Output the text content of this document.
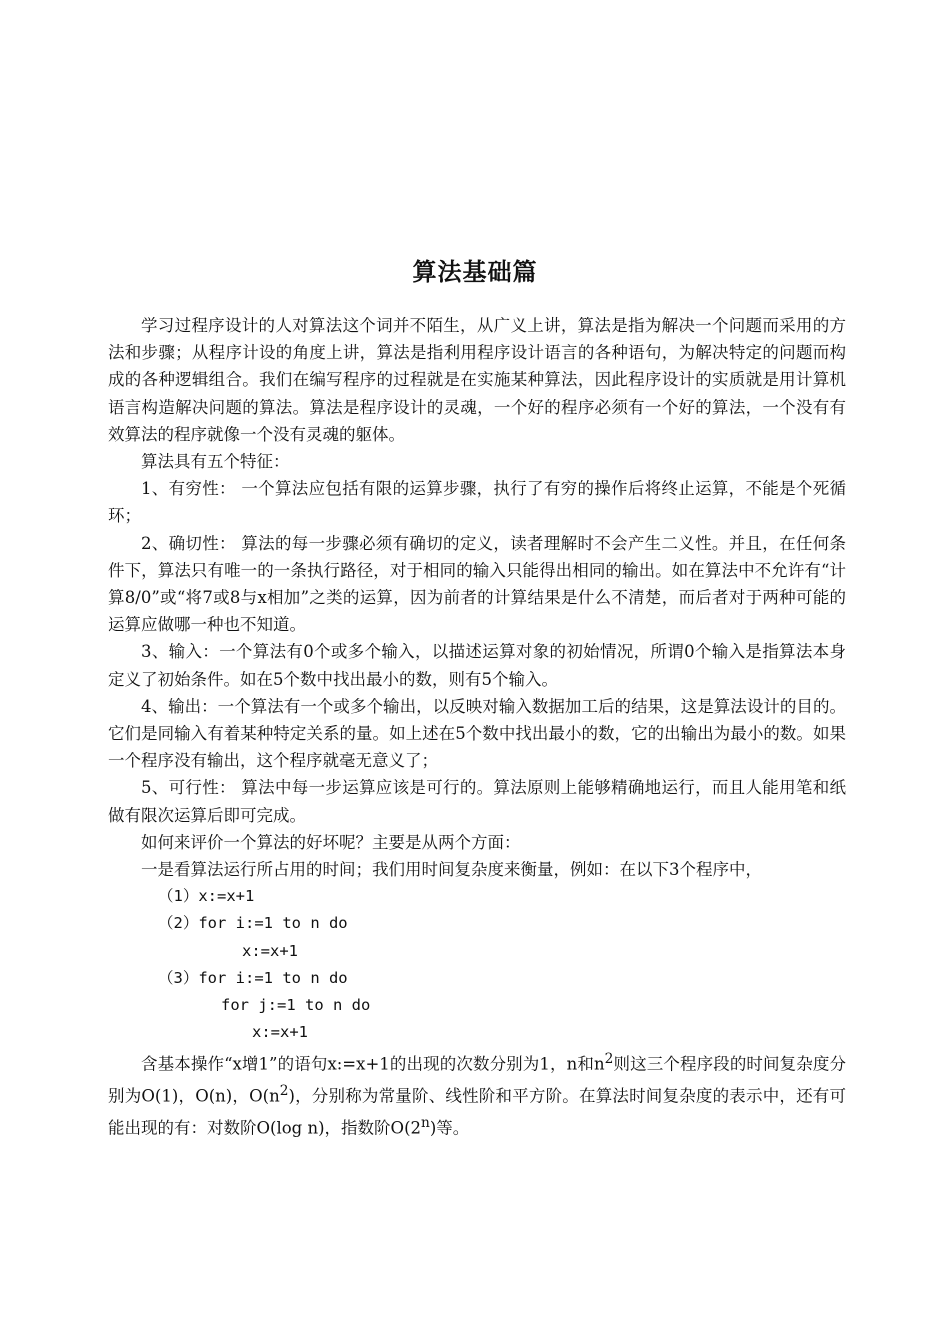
算法基础篇

学习过程序设计的人对算法这个词并不陌生，从广义上讲，算法是指为解决一个问题而采用的方法和步骤；从程序计设的角度上讲，算法是指利用程序设计语言的各种语句，为解决特定的问题而构成的各种逻辑组合。我们在编写程序的过程就是在实施某种算法，因此程序设计的实质就是用计算机语言构造解决问题的算法。算法是程序设计的灵魂，一个好的程序必须有一个好的算法，一个没有有效算法的程序就像一个没有灵魂的躯体。

算法具有五个特征：

1、有穷性： 一个算法应包括有限的运算步骤，执行了有穷的操作后将终止运算，不能是个死循环；

2、确切性： 算法的每一步骤必须有确切的定义，读者理解时不会产生二义性。并且，在任何条件下，算法只有唯一的一条执行路径，对于相同的输入只能得出相同的输出。如在算法中不允许有“计算8/0”或“将7或8与x相加”之类的运算，因为前者的计算结果是什么不清楚，而后者对于两种可能的运算应做哪一种也不知道。

3、输入：一个算法有0个或多个输入，以描述运算对象的初始情况，所谓0个输入是指算法本身定义了初始条件。如在5个数中找出最小的数，则有5个输入。

4、输出：一个算法有一个或多个输出，以反映对输入数据加工后的结果，这是算法设计的目的。它们是同输入有着某种特定关系的量。如上述在5个数中找出最小的数，它的出输出为最小的数。如果一个程序没有输出，这个程序就毫无意义了；

5、可行性： 算法中每一步运算应该是可行的。算法原则上能够精确地运行，而且人能用笔和纸做有限次运算后即可完成。

如何来评价一个算法的好坏呢？主要是从两个方面：

一是看算法运行所占用的时间；我们用时间复杂度来衡量，例如：在以下3个程序中，

（1）x:=x+1
（2）for i:=1 to n do
x:=x+1
（3）for i:=1 to n do
for j:=1 to n do
x:=x+1

含基本操作“x增1”的语句x:=x+1的出现的次数分别为1，n和$n^2$则这三个程序段的时间复杂度分别为O(1)，O(n)，$O(n^2)$，分别称为常量阶、线性阶和平方阶。在算法时间复杂度的表示中，还有可能出现的有：对数阶O(log n)，指数阶O(2$^n$)等。
